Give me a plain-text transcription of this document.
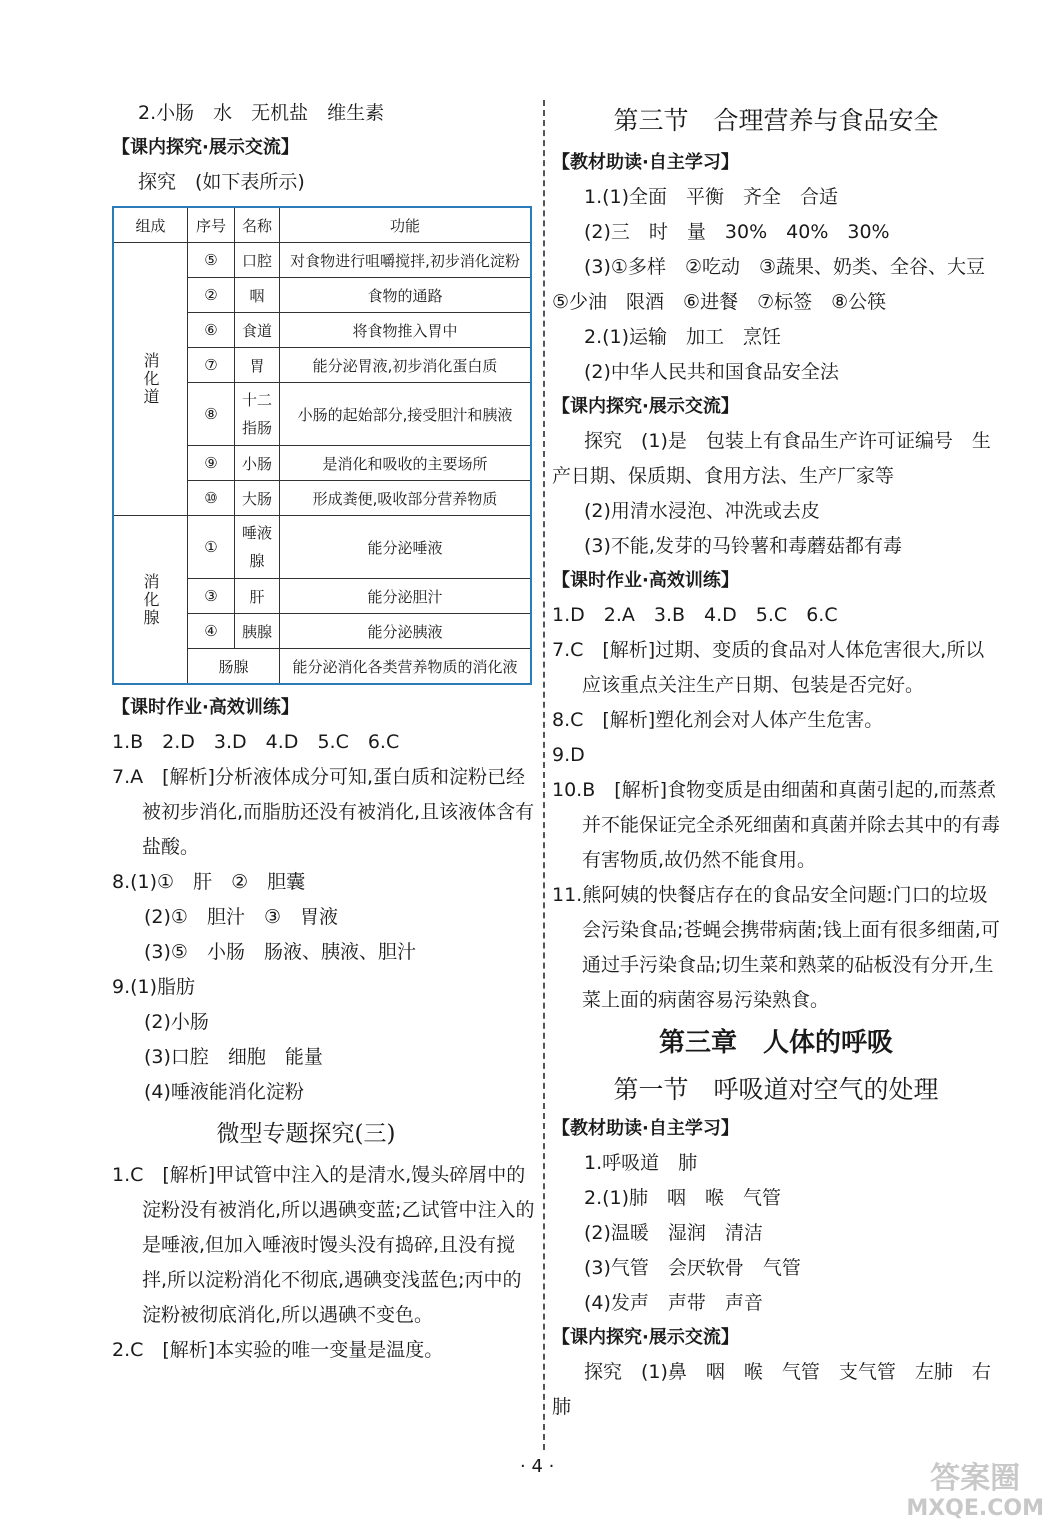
2.小肠　水　无机盐　维生素
【课内探究·展示交流】
探究　(如下表所示)
组成	序号	名称	功能
消化道	⑤	口腔	对食物进行咀嚼搅拌,初步消化淀粉
	②	咽	食物的通路
	⑥	食道	将食物推入胃中
	⑦	胃	能分泌胃液,初步消化蛋白质
	⑧	十二指肠	小肠的起始部分,接受胆汁和胰液
	⑨	小肠	是消化和吸收的主要场所
	⑩	大肠	形成粪便,吸收部分营养物质
消化腺	①	唾液腺	能分泌唾液
	③	肝	能分泌胆汁
	④	胰腺	能分泌胰液
	肠腺		能分泌消化各类营养物质的消化液
【课时作业·高效训练】
1.B　2.D　3.D　4.D　5.C　6.C
7.A　[解析]分析液体成分可知,蛋白质和淀粉已经被初步消化,而脂肪还没有被消化,且该液体含有盐酸。
8.(1)①　肝　②　胆囊
(2)①　胆汁　③　胃液
(3)⑤　小肠　肠液、胰液、胆汁
9.(1)脂肪
(2)小肠
(3)口腔　细胞　能量
(4)唾液能消化淀粉
微型专题探究(三)
1.C　[解析]甲试管中注入的是清水,馒头碎屑中的淀粉没有被消化,所以遇碘变蓝;乙试管中注入的是唾液,但加入唾液时馒头没有捣碎,且没有搅拌,所以淀粉消化不彻底,遇碘变浅蓝色;丙中的淀粉被彻底消化,所以遇碘不变色。
2.C　[解析]本实验的唯一变量是温度。
第三节　合理营养与食品安全
【教材助读·自主学习】
1.(1)全面　平衡　齐全　合适
(2)三　时　量　30%　40%　30%
(3)①多样　②吃动　③蔬果、奶类、全谷、大豆　⑤少油　限酒　⑥进餐　⑦标签　⑧公筷
2.(1)运输　加工　烹饪
(2)中华人民共和国食品安全法
【课内探究·展示交流】
探究　(1)是　包装上有食品生产许可证编号　生产日期、保质期、食用方法、生产厂家等
(2)用清水浸泡、冲洗或去皮
(3)不能,发芽的马铃薯和毒蘑菇都有毒
【课时作业·高效训练】
1.D　2.A　3.B　4.D　5.C　6.C
7.C　[解析]过期、变质的食品对人体危害很大,所以应该重点关注生产日期、包装是否完好。
8.C　[解析]塑化剂会对人体产生危害。
9.D
10.B　[解析]食物变质是由细菌和真菌引起的,而蒸煮并不能保证完全杀死细菌和真菌并除去其中的有毒有害物质,故仍然不能食用。
11.熊阿姨的快餐店存在的食品安全问题:门口的垃圾会污染食品;苍蝇会携带病菌;钱上面有很多细菌,可通过手污染食品;切生菜和熟菜的砧板没有分开,生菜上面的病菌容易污染熟食。
第三章　人体的呼吸
第一节　呼吸道对空气的处理
【教材助读·自主学习】
1.呼吸道　肺
2.(1)肺　咽　喉　气管
(2)温暖　湿润　清洁
(3)气管　会厌软骨　气管
(4)发声　声带　声音
【课内探究·展示交流】
探究　(1)鼻　咽　喉　气管　支气管　左肺　右肺
· 4 ·	答案圈
MXQE.COM
